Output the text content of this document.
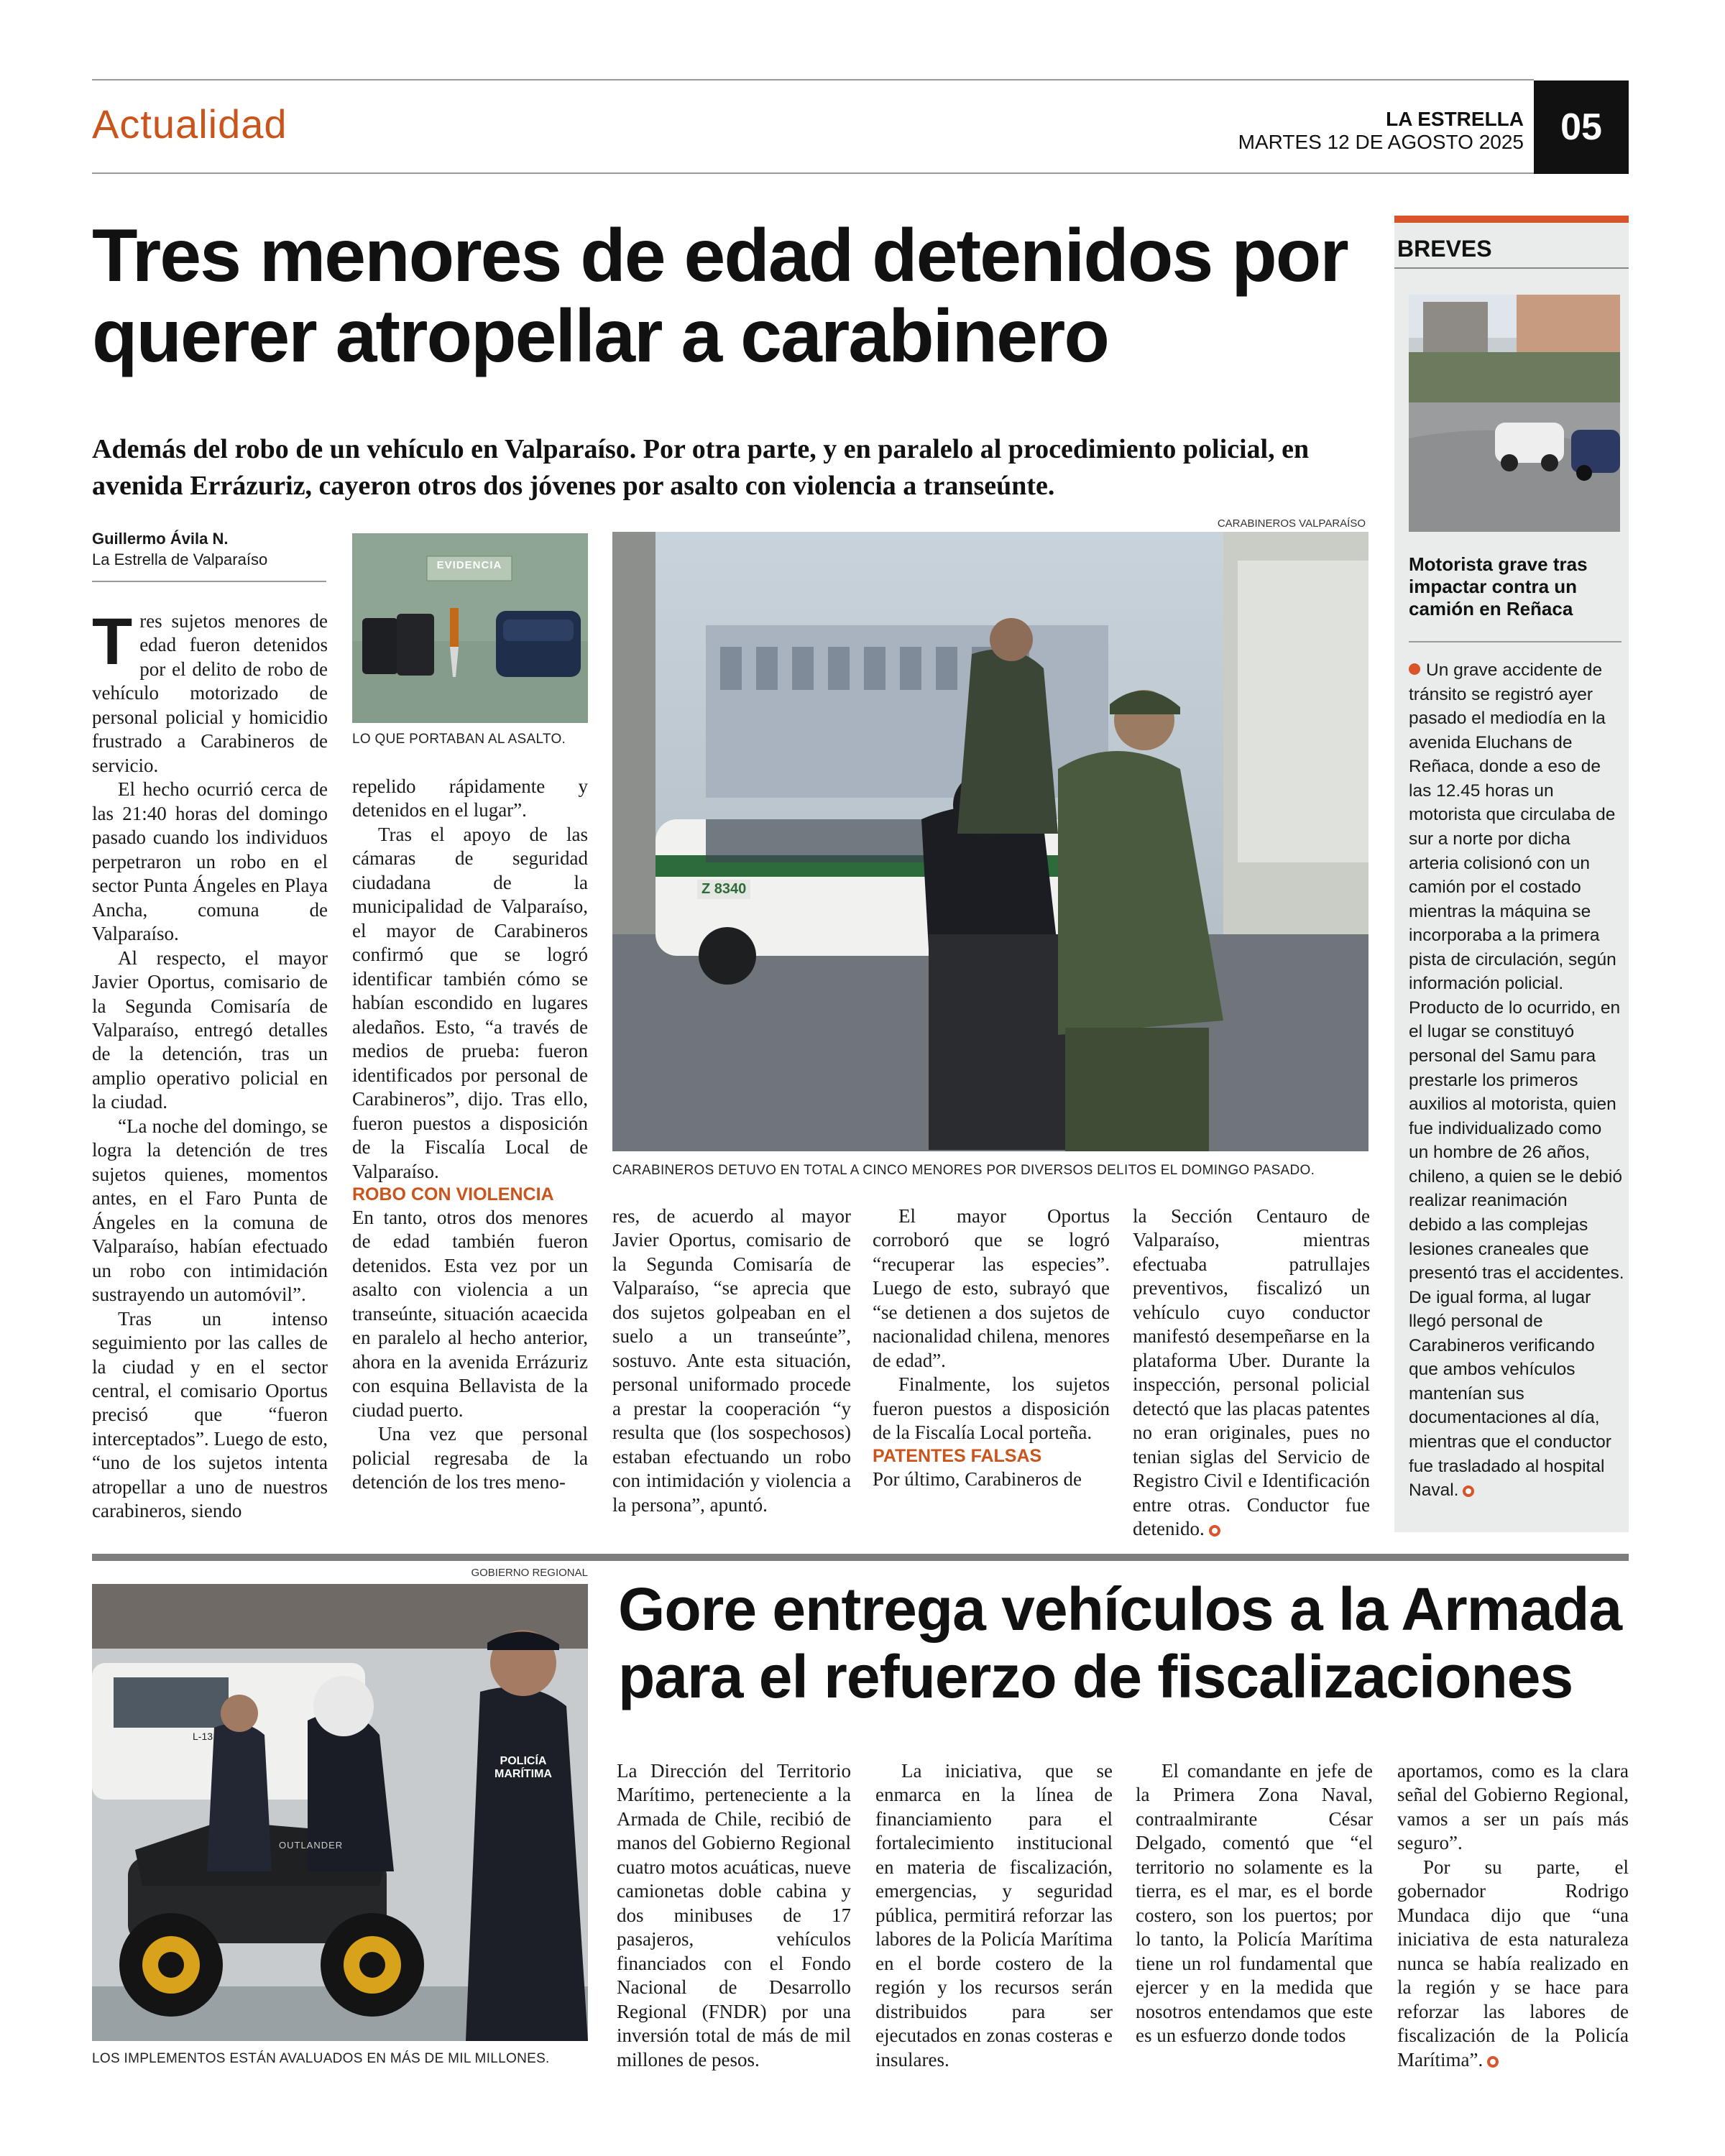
Actualidad	LA ESTRELLA
MARTES 12 DE AGOSTO 2025 05
Tres menores de edad detenidos por querer atropellar a carabinero
Además del robo de un vehículo en Valparaíso. Por otra parte, y en paralelo al procedimiento policial, en avenida Errázuriz, cayeron otros dos jóvenes por asalto con violencia a transeúnte.
Guillermo Ávila N.
La Estrella de Valparaíso	EVIDENCIA
LO QUE PORTABAN AL ASALTO.
CARABINEROS VALPARAÍSO
Z 8340
CARABINEROS DETUVO EN TOTAL A CINCO MENORES POR DIVERSOS DELITOS EL DOMINGO PASADO.

Tres sujetos menores de edad fueron detenidos por el delito de robo de vehículo motorizado de personal policial y homicidio frustrado a Carabineros de servicio.

El hecho ocurrió cerca de las 21:40 horas del domingo pasado cuando los individuos perpetraron un robo en el sector Punta Ángeles en Playa Ancha, comuna de Valparaíso.

Al respecto, el mayor Javier Oportus, comisario de la Segunda Comisaría de Valparaíso, entregó detalles de la detención, tras un amplio operativo policial en la ciudad.

“La noche del domingo, se logra la detención de tres sujetos quienes, momentos antes, en el Faro Punta de Ángeles en la comuna de Valparaíso, habían efectuado un robo con intimidación sustrayendo un automóvil”.

Tras un intenso seguimiento por las calles de la ciudad y en el sector central, el comisario Oportus precisó que “fueron interceptados”. Luego de esto, “uno de los sujetos intenta atropellar a uno de nuestros carabineros, siendo

repelido rápidamente y detenidos en el lugar”.

Tras el apoyo de las cámaras de seguridad ciudadana de la municipalidad de Valparaíso, el mayor de Carabineros confirmó que se logró identificar también cómo se habían escondido en lugares aledaños. Esto, “a través de medios de prueba: fueron identificados por personal de Carabineros”, dijo. Tras ello, fueron puestos a disposición de la Fiscalía Local de Valparaíso.

ROBO CON VIOLENCIA

En tanto, otros dos menores de edad también fueron detenidos. Esta vez por un asalto con violencia a un transeúnte, situación acaecida en paralelo al hecho anterior, ahora en la avenida Errázuriz con esquina Bellavista de la ciudad puerto.

Una vez que personal policial regresaba de la detención de los tres meno-

res, de acuerdo al mayor Javier Oportus, comisario de la Segunda Comisaría de Valparaíso, “se aprecia que dos sujetos golpeaban en el suelo a un transeúnte”, sostuvo. Ante esta situación, personal uniformado procede a prestar la cooperación “y resulta que (los sospechosos) estaban efectuando un robo con intimidación y violencia a la persona”, apuntó.

El mayor Oportus corroboró que se logró “recuperar las especies”. Luego de esto, subrayó que “se detienen a dos sujetos de nacionalidad chilena, menores de edad”.

Finalmente, los sujetos fueron puestos a disposición de la Fiscalía Local porteña.

PATENTES FALSAS

Por último, Carabineros de

la Sección Centauro de Valparaíso, mientras efectuaba patrullajes preventivos, fiscalizó un vehículo cuyo conductor manifestó desempeñarse en la plataforma Uber. Durante la inspección, personal policial detectó que las placas patentes no eran originales, pues no tenian siglas del Servicio de Registro Civil e Identificación entre otras. Conductor fue detenido.

BREVES
Motorista grave tras impactar contra un camión en Reñaca
Un grave accidente de tránsito se registró ayer pasado el mediodía en la avenida Eluchans de Reñaca, donde a eso de las 12.45 horas un motorista que circulaba de sur a norte por dicha arteria colisionó con un camión por el costado mientras la máquina se incorporaba a la primera pista de circulación, según información policial. Producto de lo ocurrido, en el lugar se constituyó personal del Samu para prestarle los primeros auxilios al motorista, quien fue individualizado como un hombre de 26 años, chileno, a quien se le debió realizar reanimación debido a las complejas lesiones craneales que presentó tras el accidentes. De igual forma, al lugar llegó personal de Carabineros verificando que ambos vehículos mantenían sus documentaciones al día, mientras que el conductor fue trasladado al hospital Naval.
GOBIERNO REGIONAL
POLICÍA
MARÍTIMA
L-13
OUTLANDER
LOS IMPLEMENTOS ESTÁN AVALUADOS EN MÁS DE MIL MILLONES.
Gore entrega vehículos a la Armada para el refuerzo de fiscalizaciones

La Dirección del Territorio Marítimo, perteneciente a la Armada de Chile, recibió de manos del Gobierno Regional cuatro motos acuáticas, nueve camionetas doble cabina y dos minibuses de 17 pasajeros, vehículos financiados con el Fondo Nacional de Desarrollo Regional (FNDR) por una inversión total de más de mil millones de pesos.

La iniciativa, que se enmarca en la línea de financiamiento para el fortalecimiento institucional en materia de fiscalización, emergencias, y seguridad pública, permitirá reforzar las labores de la Policía Marítima en el borde costero de la región y los recursos serán distribuidos para ser ejecutados en zonas costeras e insulares.

El comandante en jefe de la Primera Zona Naval, contraalmirante César Delgado, comentó que “el territorio no solamente es la tierra, es el mar, es el borde costero, son los puertos; por lo tanto, la Policía Marítima tiene un rol fundamental que ejercer y en la medida que nosotros entendamos que este es un esfuerzo donde todos

aportamos, como es la clara señal del Gobierno Regional, vamos a ser un país más seguro”.

Por su parte, el gobernador Rodrigo Mundaca dijo que “una iniciativa de esta naturaleza nunca se había realizado en la región y se hace para reforzar las labores de fiscalización de la Policía Marítima”.
